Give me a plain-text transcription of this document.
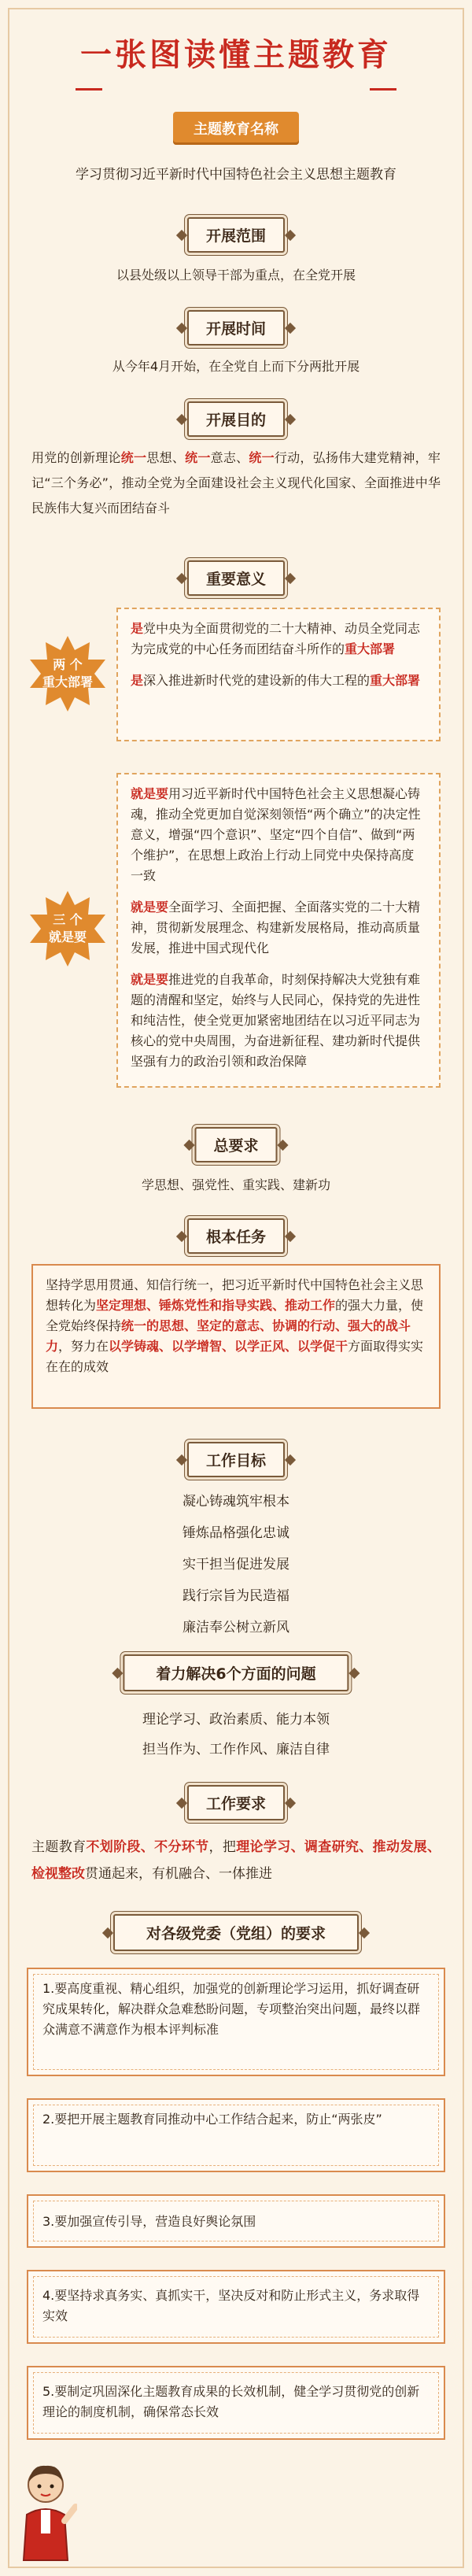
一张图读懂主题教育
主题教育名称
学习贯彻习近平新时代中国特色社会主义思想主题教育
开展范围
以县处级以上领导干部为重点，在全党开展
开展时间
从今年4月开始，在全党自上而下分两批开展
开展目的
用党的创新理论统一思想、统一意志、统一行动，弘扬伟大建党精神，牢记“三个务必”，推动全党为全面建设社会主义现代化国家、全面推进中华民族伟大复兴而团结奋斗
重要意义
是党中央为全面贯彻党的二十大精神、动员全党同志为完成党的中心任务而团结奋斗所作的重大部署
是深入推进新时代党的建设新的伟大工程的重大部署
两 个
重大部署
就是要用习近平新时代中国特色社会主义思想凝心铸魂，推动全党更加自觉深刻领悟“两个确立”的决定性意义，增强“四个意识”、坚定“四个自信”、做到“两个维护”，在思想上政治上行动上同党中央保持高度一致
就是要全面学习、全面把握、全面落实党的二十大精神，贯彻新发展理念、构建新发展格局，推动高质量发展，推进中国式现代化
就是要推进党的自我革命，时刻保持解决大党独有难题的清醒和坚定，始终与人民同心，保持党的先进性和纯洁性，使全党更加紧密地团结在以习近平同志为核心的党中央周围，为奋进新征程、建功新时代提供坚强有力的政治引领和政治保障
三 个
就是要
总要求
学思想、强党性、重实践、建新功
根本任务
坚持学思用贯通、知信行统一，把习近平新时代中国特色社会主义思想转化为坚定理想、锤炼党性和指导实践、推动工作的强大力量，使全党始终保持统一的思想、坚定的意志、协调的行动、强大的战斗力，努力在以学铸魂、以学增智、以学正风、以学促干方面取得实实在在的成效
工作目标
凝心铸魂筑牢根本
锤炼品格强化忠诚
实干担当促进发展
践行宗旨为民造福
廉洁奉公树立新风
着力解决6个方面的问题
理论学习、政治素质、能力本领
担当作为、工作作风、廉洁自律
工作要求
主题教育不划阶段、不分环节，把理论学习、调查研究、推动发展、检视整改贯通起来，有机融合、一体推进
对各级党委（党组）的要求
1.要高度重视、精心组织，加强党的创新理论学习运用，抓好调查研究成果转化，解决群众急难愁盼问题，专项整治突出问题，最终以群众满意不满意作为根本评判标准
2.要把开展主题教育同推动中心工作结合起来，防止“两张皮”
3.要加强宣传引导，营造良好舆论氛围
4.要坚持求真务实、真抓实干，坚决反对和防止形式主义，务求取得实效
5.要制定巩固深化主题教育成果的长效机制，健全学习贯彻党的创新理论的制度机制，确保常态长效
